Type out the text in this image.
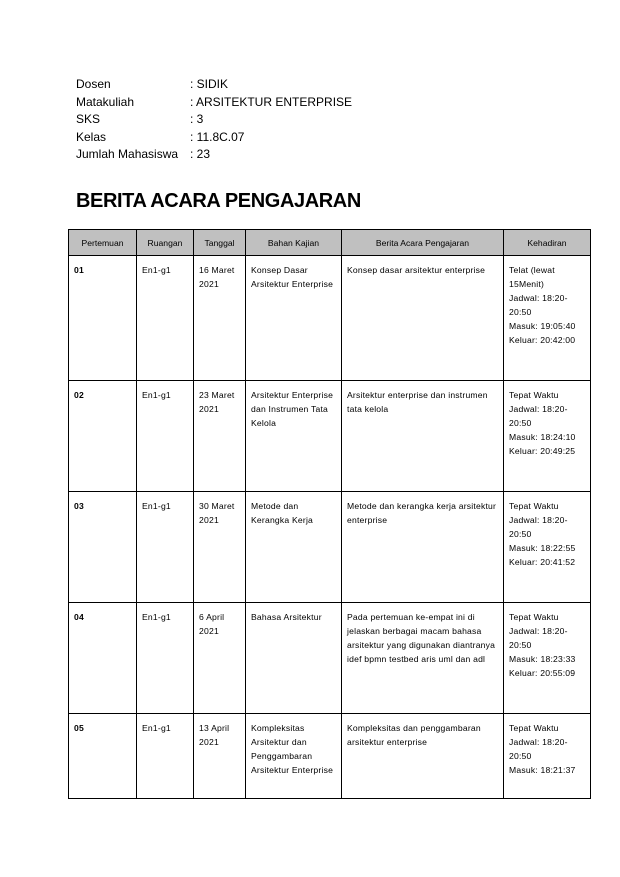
Dosen	: SIDIK
Matakuliah	: ARSITEKTUR ENTERPRISE
SKS	: 3
Kelas	: 11.8C.07
Jumlah Mahasiswa : 23
BERITA ACARA PENGAJARAN
Pertemuan	Ruangan	Tanggal	Bahan Kajian	Berita Acara Pengajaran	Kehadiran
01	En1-g1	16 Maret 2021	Konsep Dasar Arsitektur Enterprise	Konsep dasar arsitektur enterprise	Telat (lewat 15Menit)
Jadwal: 18:20-20:50
Masuk: 19:05:40
Keluar: 20:42:00

02	En1-g1	23 Maret 2021	Arsitektur Enterprise dan Instrumen Tata Kelola	Arsitektur enterprise dan instrumen tata kelola	Tepat Waktu
Jadwal: 18:20-20:50
Masuk: 18:24:10
Keluar: 20:49:25

03	En1-g1	30 Maret 2021	Metode dan Kerangka Kerja	Metode dan kerangka kerja arsitektur enterprise	Tepat Waktu
Jadwal: 18:20-20:50
Masuk: 18:22:55
Keluar: 20:41:52

04	En1-g1	6 April 2021	Bahasa Arsitektur	Pada pertemuan ke-empat ini di jelaskan berbagai macam bahasa arsitektur yang digunakan diantranya idef bpmn testbed aris uml dan adl	Tepat Waktu
Jadwal: 18:20-20:50
Masuk: 18:23:33
Keluar: 20:55:09

05	En1-g1	13 April 2021	Kompleksitas Arsitektur dan Penggambaran Arsitektur Enterprise	Kompleksitas dan penggambaran arsitektur enterprise	Tepat Waktu
Jadwal: 18:20-20:50
Masuk: 18:21:37
